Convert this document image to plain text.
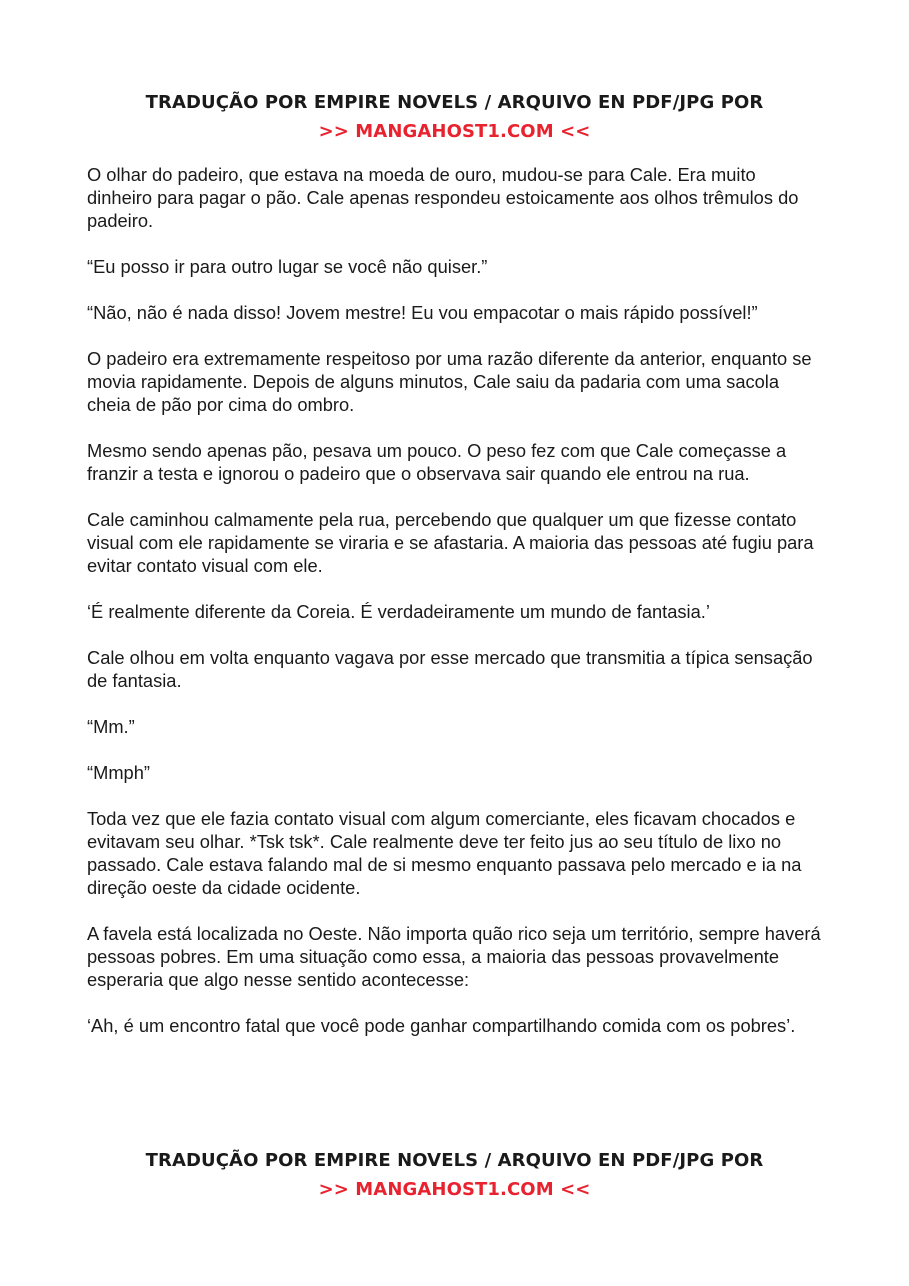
TRADUÇÃO POR EMPIRE NOVELS / ARQUIVO EN PDF/JPG POR
>> MANGAHOST1.COM <<

O olhar do padeiro, que estava na moeda de ouro, mudou-se para Cale. Era muito dinheiro para pagar o pão. Cale apenas respondeu estoicamente aos olhos trêmulos do padeiro.

“Eu posso ir para outro lugar se você não quiser.”

“Não, não é nada disso! Jovem mestre! Eu vou empacotar o mais rápido possível!”

O padeiro era extremamente respeitoso por uma razão diferente da anterior, enquanto se movia rapidamente. Depois de alguns minutos, Cale saiu da padaria com uma sacola cheia de pão por cima do ombro.

Mesmo sendo apenas pão, pesava um pouco. O peso fez com que Cale começasse a franzir a testa e ignorou o padeiro que o observava sair quando ele entrou na rua.

Cale caminhou calmamente pela rua, percebendo que qualquer um que fizesse contato visual com ele rapidamente se viraria e se afastaria. A maioria das pessoas até fugiu para evitar contato visual com ele.

‘É realmente diferente da Coreia. É verdadeiramente um mundo de fantasia.’

Cale olhou em volta enquanto vagava por esse mercado que transmitia a típica sensação de fantasia.

“Mm.”

“Mmph”

Toda vez que ele fazia contato visual com algum comerciante, eles ficavam chocados e evitavam seu olhar. *Tsk tsk*. Cale realmente deve ter feito jus ao seu título de lixo no passado. Cale estava falando mal de si mesmo enquanto passava pelo mercado e ia na direção oeste da cidade ocidente.

A favela está localizada no Oeste. Não importa quão rico seja um território, sempre haverá pessoas pobres. Em uma situação como essa, a maioria das pessoas provavelmente esperaria que algo nesse sentido acontecesse:

‘Ah, é um encontro fatal que você pode ganhar compartilhando comida com os pobres’.

TRADUÇÃO POR EMPIRE NOVELS / ARQUIVO EN PDF/JPG POR
>> MANGAHOST1.COM <<
